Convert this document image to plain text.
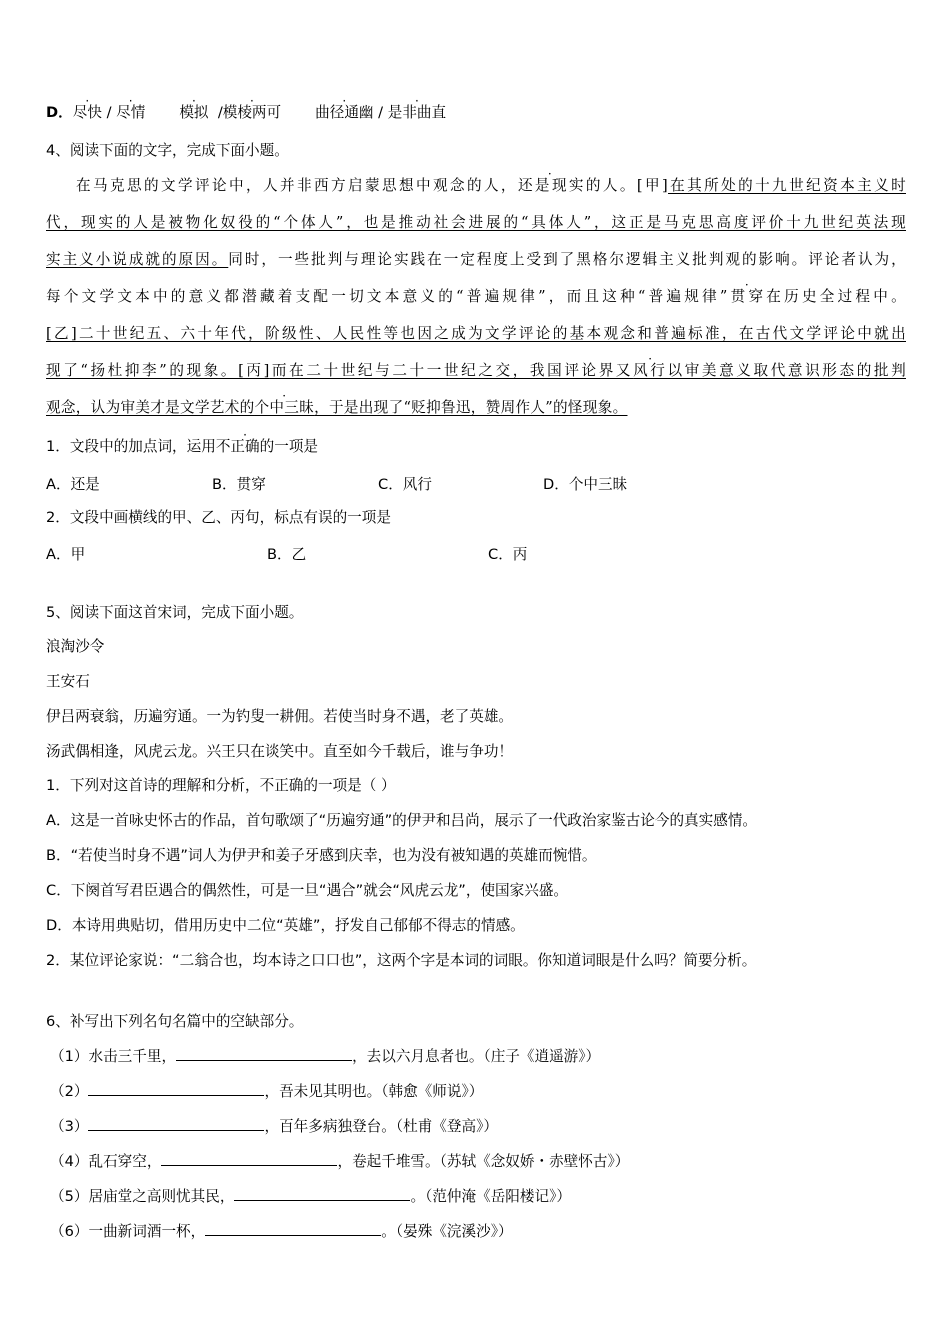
D．尽快 / 尽情 模拟 /模棱两可 曲径通幽 / 是非曲直
4、阅读下面的文字，完成下面小题。
在马克思的文学评论中，人并非西方启蒙思想中观念的人，还是现实的人。[甲]在其所处的十九世纪资本主义时
代，现实的人是被物化奴役的“个体人”，也是推动社会进展的“具体人”，这正是马克思高度评价十九世纪英法现
实主义小说成就的原因。同时，一些批判与理论实践在一定程度上受到了黑格尔逻辑主义批判观的影响。评论者认为，
每个文学文本中的意义都潜藏着支配一切文本意义的“普遍规律”，而且这种“普遍规律”贯穿在历史全过程中。
[乙]二十世纪五、六十年代，阶级性、人民性等也因之成为文学评论的基本观念和普遍标准，在古代文学评论中就出
现了“扬杜抑李”的现象。[丙]而在二十世纪与二十一世纪之交，我国评论界又风行以审美意义取代意识形态的批判
观念，认为审美才是文学艺术的个中三昧，于是出现了“贬抑鲁迅，赞周作人”的怪现象。
1．文段中的加点词，运用不正确的一项是
A．还是	B．贯穿	C．风行	D．个中三昧
2．文段中画横线的甲、乙、丙句，标点有误的一项是
A．甲	B．乙	C．丙
5、阅读下面这首宋词，完成下面小题。
浪淘沙令
王安石
伊吕两衰翁，历遍穷通。一为钓叟一耕佣。若使当时身不遇，老了英雄。
汤武偶相逢，风虎云龙。兴王只在谈笑中。直至如今千载后，谁与争功！
1．下列对这首诗的理解和分析，不正确的一项是（ ）
A．这是一首咏史怀古的作品，首句歌颂了“历遍穷通”的伊尹和吕尚，展示了一代政治家鉴古论今的真实感情。
B．“若使当时身不遇”词人为伊尹和姜子牙感到庆幸，也为没有被知遇的英雄而惋惜。
C．下阕首写君臣遇合的偶然性，可是一旦“遇合”就会“风虎云龙”，使国家兴盛。
D．本诗用典贴切，借用历史中二位“英雄”，抒发自己郁郁不得志的情感。
2．某位评论家说：“二翁合也，均本诗之口口也”，这两个字是本词的词眼。你知道词眼是什么吗？简要分析。
6、补写出下列名句名篇中的空缺部分。
（1）水击三千里，	，去以六月息者也。（庄子《逍遥游》）
（2）	，吾未见其明也。（韩愈《师说》）
（3）	，百年多病独登台。（杜甫《登高》）
（4）乱石穿空，	，卷起千堆雪。（苏轼《念奴娇・赤壁怀古》）
（5）居庙堂之高则忧其民，	。（范仲淹《岳阳楼记》）
（6）一曲新词酒一杯，	。（晏殊《浣溪沙》）
